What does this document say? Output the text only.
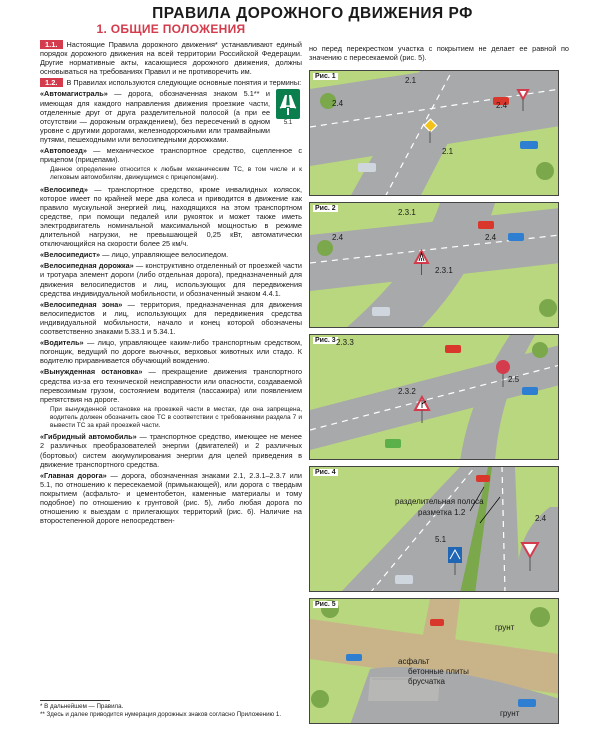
ПРАВИЛА ДОРОЖНОГО ДВИЖЕНИЯ РФ
1. ОБЩИЕ ПОЛОЖЕНИЯ
1.1. Настоящие Правила дорожного движения* устанавливают единый порядок дорожного движения на всей территории Российской Федерации. Другие нормативные акты, касающиеся дорожного движения, должны основываться на требованиях Правил и не противоречить им.
1.2. В Правилах используются следующие основные понятия и термины:
5.1
«Автомагистраль» — дорога, обозначенная знаком 5.1** и имеющая для каждого направления движения проезжие части, отделенные друг от друга разделительной полосой (а при ее отсутствии — дорожным ограждением), без пересечений в одном уровне с другими дорогами, железнодорожными или трамвайными путями, пешеходными или велосипедными дорожками.
«Автопоезд» — механическое транспортное средство, сцепленное с прицепом (прицепами).
Данное определение относится к любым механическим ТС, в том числе и к легковым автомобилям, движущимся с прицепом(ами).
«Велосипед» — транспортное средство, кроме инвалидных колясок, которое имеет по крайней мере два колеса и приводится в движение как правило мускульной энергией лиц, находящихся на этом транспортном средстве, при помощи педалей или рукояток и может также иметь электродвигатель номинальной максимальной мощностью в режиме длительной нагрузки, не превышающей 0,25 кВт, автоматически отключающийся на скорости более 25 км/ч.
«Велосипедист» — лицо, управляющее велосипедом.
«Велосипедная дорожка» — конструктивно отделенный от проезжей части и тротуара элемент дороги (либо отдельная дорога), предназначенный для движения велосипедистов и лиц, использующих для передвижения средства индивидуальной мобильности, и обозначенный знаком 4.4.1.
«Велосипедная зона» — территория, предназначенная для движения велосипедистов и лиц, использующих для передвижения средства индивидуальной мобильности, начало и конец которой обозначены соответственно знаками 5.33.1 и 5.34.1.
«Водитель» — лицо, управляющее каким-либо транспортным средством, погонщик, ведущий по дороге вьючных, верховых животных или стадо. К водителю приравнивается обучающий вождению.
«Вынужденная остановка» — прекращение движения транспортного средства из-за его технической неисправности или опасности, создаваемой перевозимым грузом, состоянием водителя (пассажира) или появлением препятствия на дороге.
При вынужденной остановке на проезжей части в местах, где она запрещена, водитель должен обозначить свое ТС в соответствии с требованиями раздела 7 и вывести ТС за край проезжей части.
«Гибридный автомобиль» — транспортное средство, имеющее не менее 2 различных преобразователей энергии (двигателей) и 2 различных (бортовых) систем аккумулирования энергии для целей приведения в движение транспортного средства.
«Главная дорога» — дорога, обозначенная знаками 2.1, 2.3.1–2.3.7 или 5.1, по отношению к пересекаемой (примыкающей), или дорога с твердым покрытием (асфальто- и цементобетон, каменные материалы и тому подобное) по отношению к грунтовой (рис. 5), либо любая дорога по отношению к выездам с прилегающих территорий (рис. 6). Наличие на второстепенной дороге непосредствен-
* В дальнейшем — Правила.
** Здесь и далее приводится нумерация дорожных знаков согласно Приложению 1.
но перед перекрестком участка с покрытием не делает ее равной по значению с пересекаемой (рис. 5).
Рис. 1	2.1
2.4	2.4
2.1
Рис. 2	2.3.1
2.4	2.4
2.3.1
Рис. 3 2.3.3
2.5
2.3.2
Рис. 4
разделительная полоса
разметка 1.2
5.1
2.4
Рис. 5
грунт
асфальт
бетонные плиты
брусчатка
грунт
